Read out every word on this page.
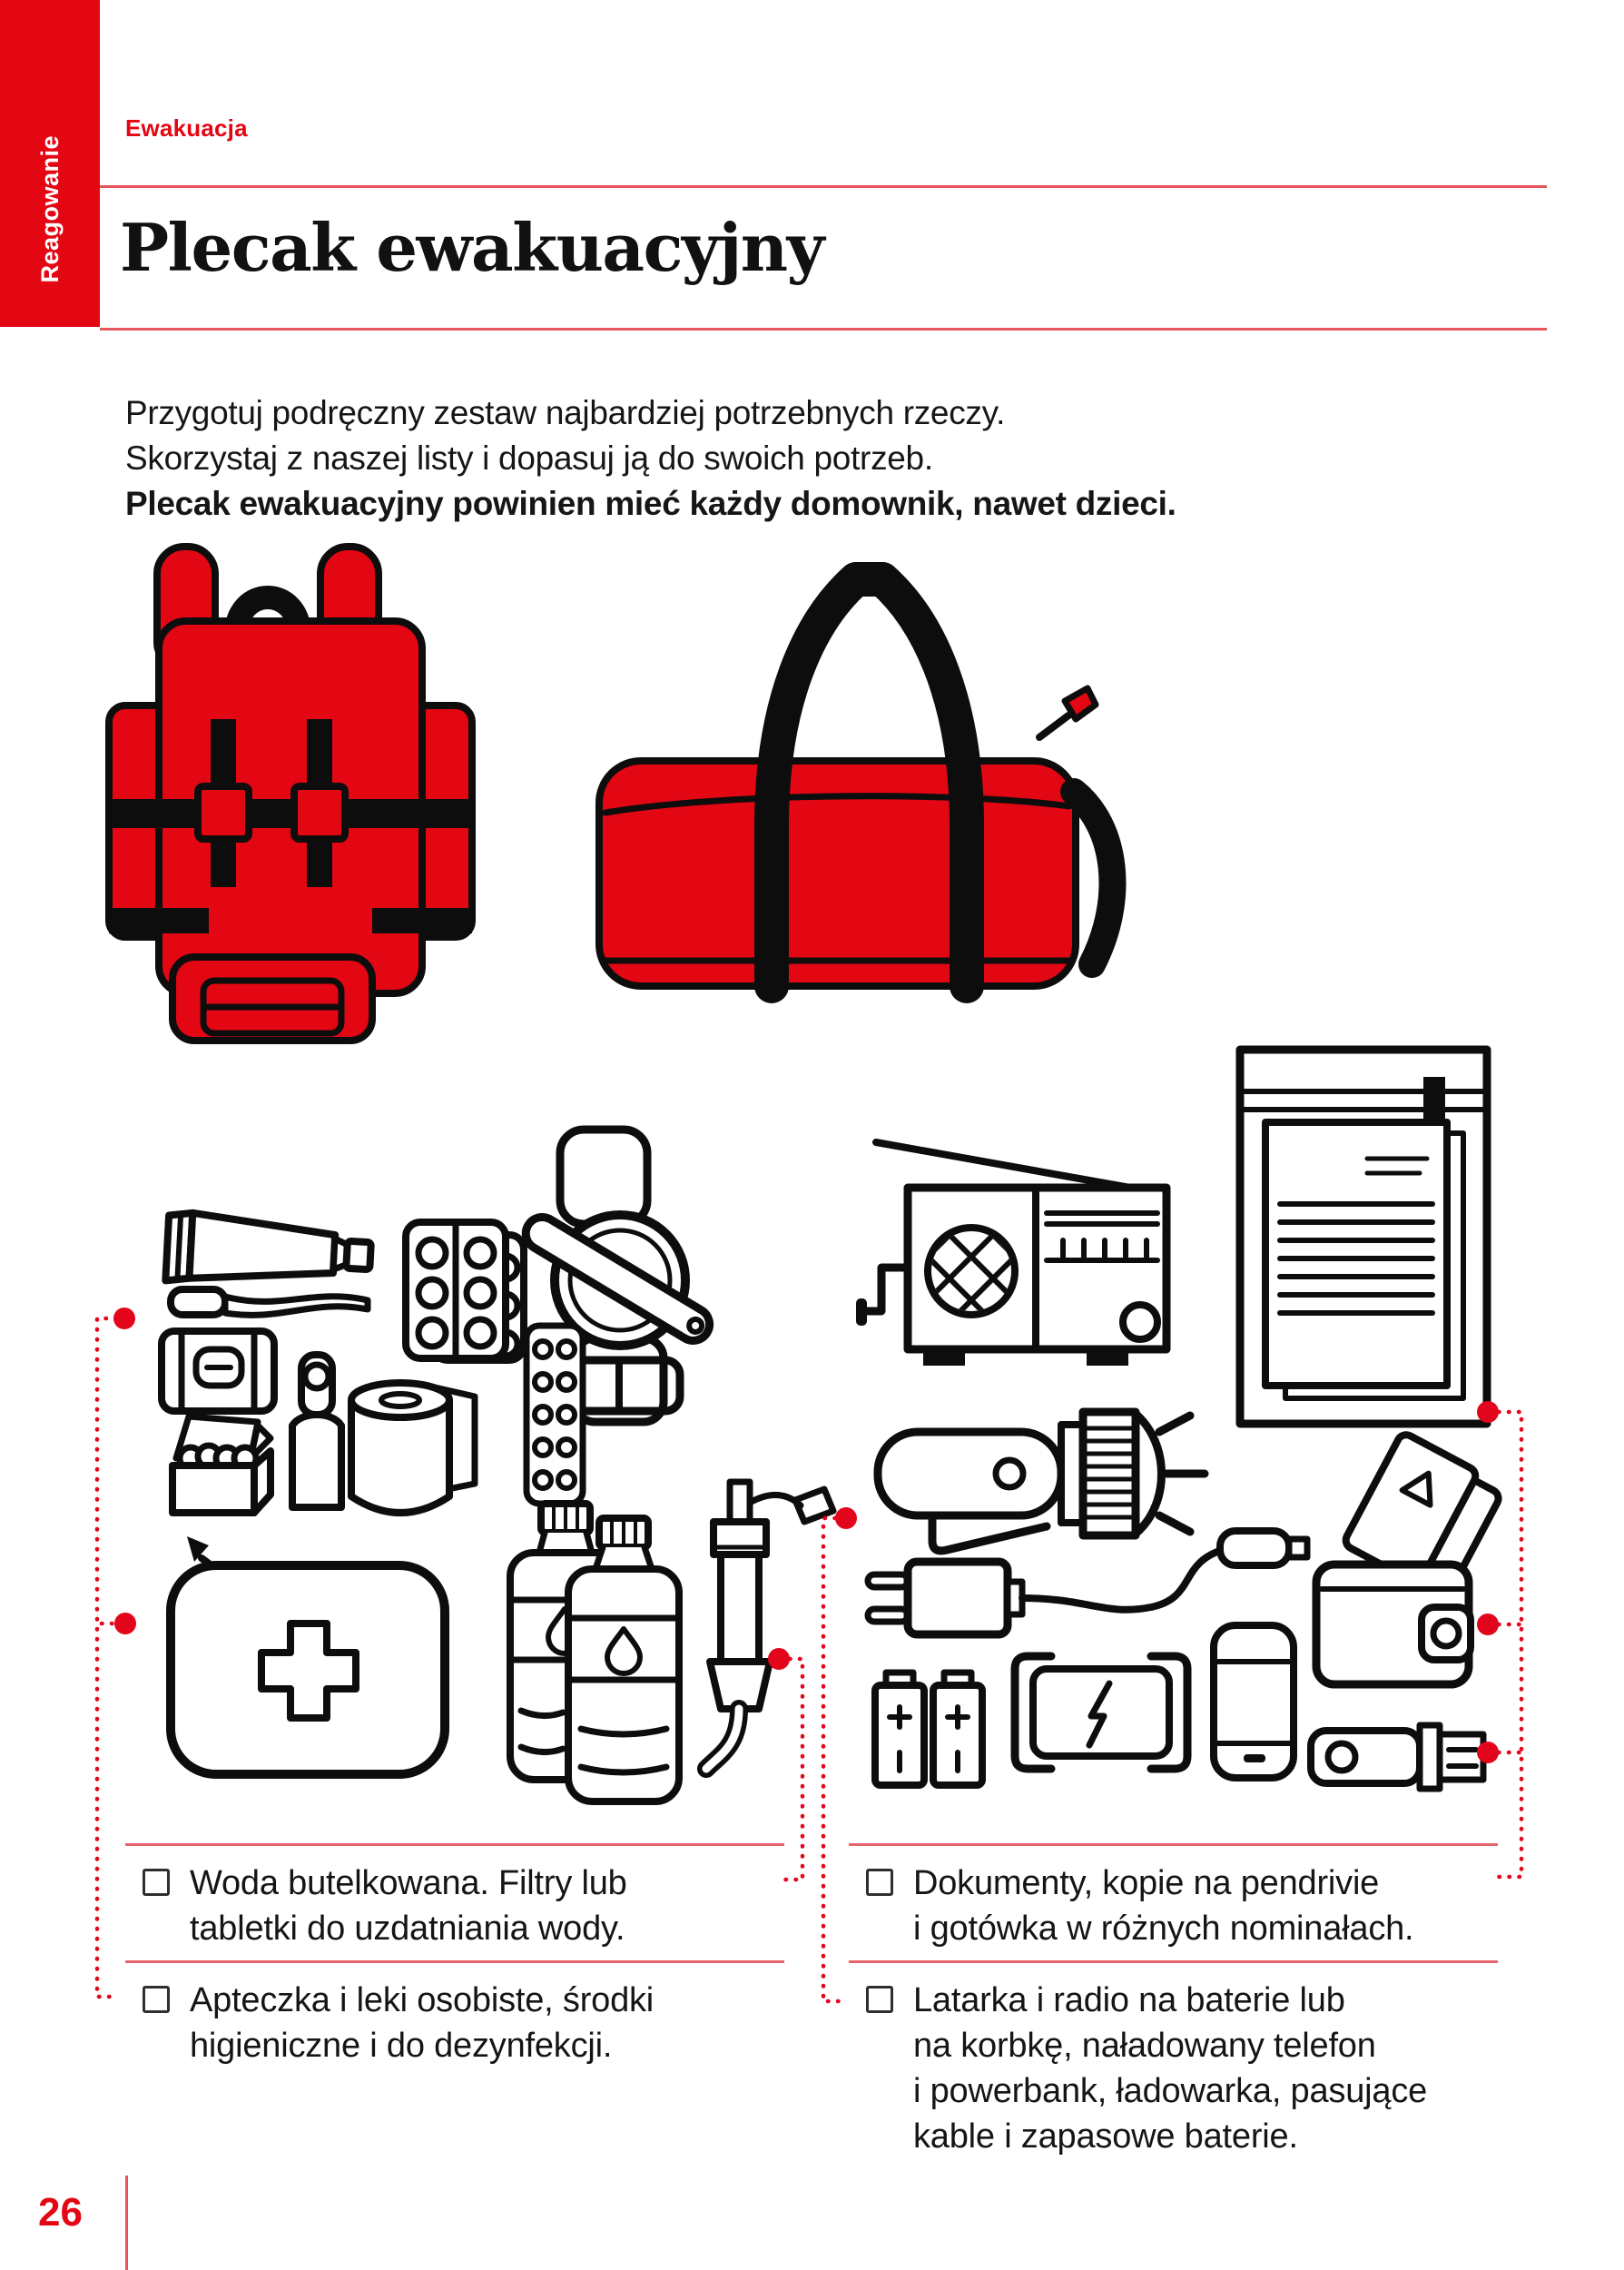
Reagowanie
Ewakuacja
Plecak ewakuacyjny

Przygotuj podręczny zestaw najbardziej potrzebnych rzeczy.

Skorzystaj z naszej listy i dopasuj ją do swoich potrzeb.

Plecak ewakuacyjny powinien mieć każdy domownik, nawet dzieci.

Woda butelkowana. Filtry lub
tabletki do uzdatniania wody.
Apteczka i leki osobiste, środki
higieniczne i do dezynfekcji.
Dokumenty, kopie na pendrivie
i gotówka w różnych nominałach.
Latarka i radio na baterie lub
na korbkę, naładowany telefon
i powerbank, ładowarka, pasujące
kable i zapasowe baterie.
26
